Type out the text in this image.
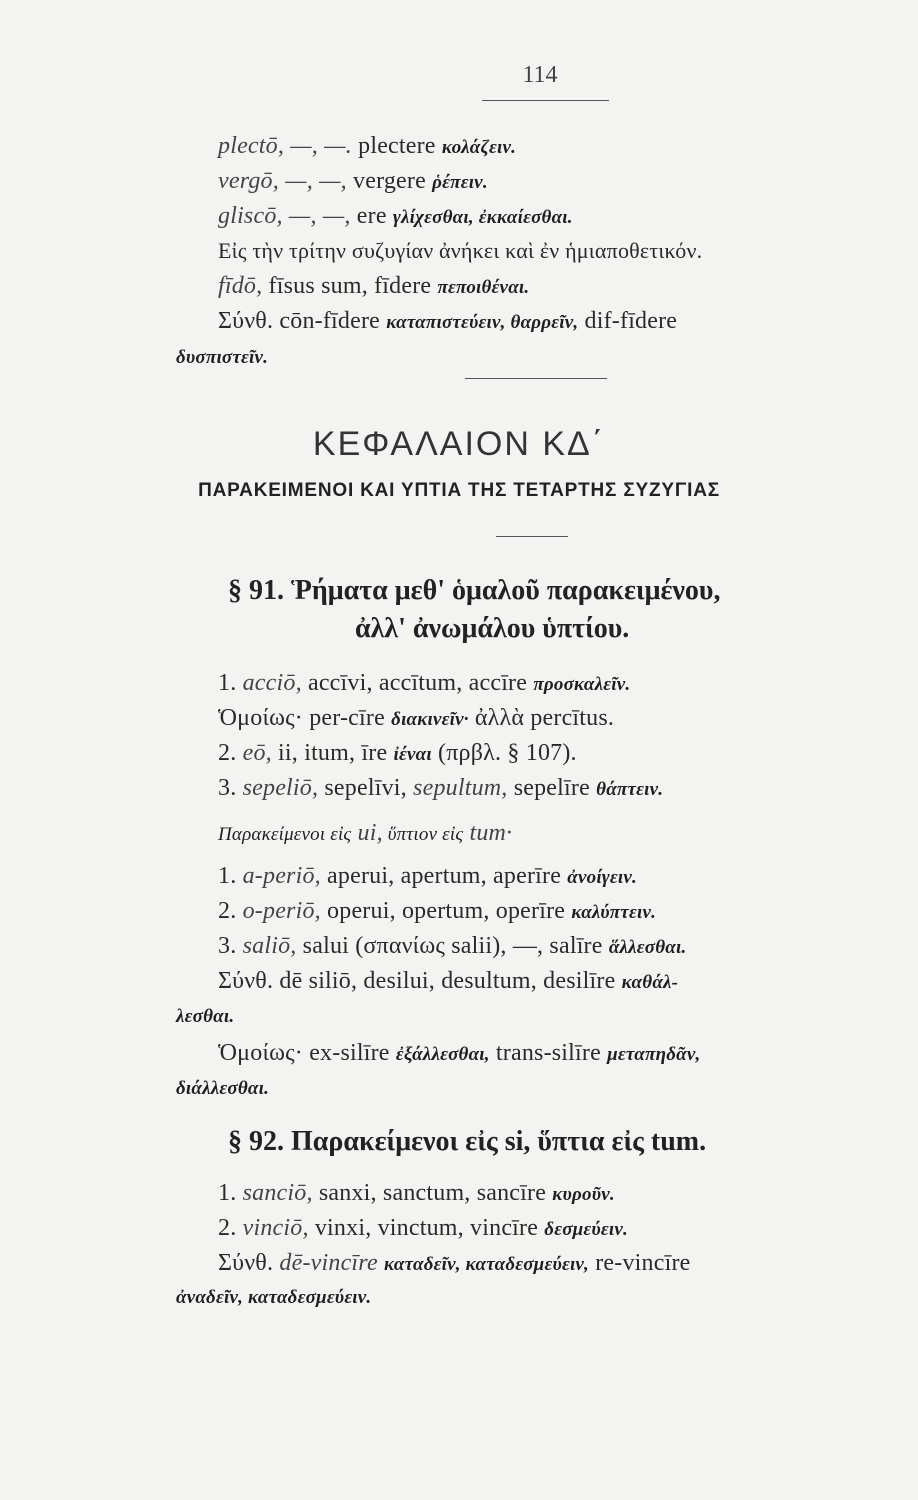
114
plectō, —, —. plectere κολάζειν.
vergō, —, —, vergere ῥέπειν.
gliscō, —, —, ere γλίχεσθαι, ἐκκαίεσθαι.
Εἰς τὴν τρίτην συζυγίαν ἀνήκει καὶ ἐν ἡμιαποθετικόν.
fīdō, fīsus sum, fīdere πεποιθέναι.
Σύνθ. cōn-fīdere καταπιστεύειν, θαρρεῖν, dif-fīdere
δυσπιστεῖν.
ΚΕΦΑΛΑΙΟΝ ΚΔ΄
ΠΑΡΑΚΕΙΜΕΝΟΙ ΚΑΙ ΥΠΤΙΑ ΤΗΣ ΤΕΤΑΡΤΗΣ ΣΥΖΥΓΙΑΣ
§ 91. Ῥήματα μεθ' ὁμαλοῦ παρακειμένου,
ἀλλ' ἀνωμάλου ὑπτίου.
1. acciō, accīvi, accītum, accīre προσκαλεῖν.
Ὁμοίως· per-cīre διακινεῖν· ἀλλὰ percītus.
2. eō, ii, itum, īre ἰέναι (πρβλ. § 107).
3. sepeliō, sepelīvi, sepultum, sepelīre θάπτειν.
Παρακείμενοι εἰς ui, ὕπτιον εἰς tum·
1. a-periō, aperui, apertum, aperīre ἀνοίγειν.
2. o-periō, operui, opertum, operīre καλύπτειν.
3. saliō, salui (σπανίως salii), —, salīre ἅλλεσθαι.
Σύνθ. dē siliō, desilui, desultum, desilīre καθάλ-
λεσθαι.
Ὁμοίως· ex-silīre ἐξάλλεσθαι, trans-silīre μεταπηδᾶν,
διάλλεσθαι.
§ 92. Παρακείμενοι εἰς si, ὕπτια εἰς tum.
1. sanciō, sanxi, sanctum, sancīre κυροῦν.
2. vinciō, vinxi, vinctum, vincīre δεσμεύειν.
Σύνθ. dē-vincīre καταδεῖν, καταδεσμεύειν, re-vincīre
ἀναδεῖν, καταδεσμεύειν.
